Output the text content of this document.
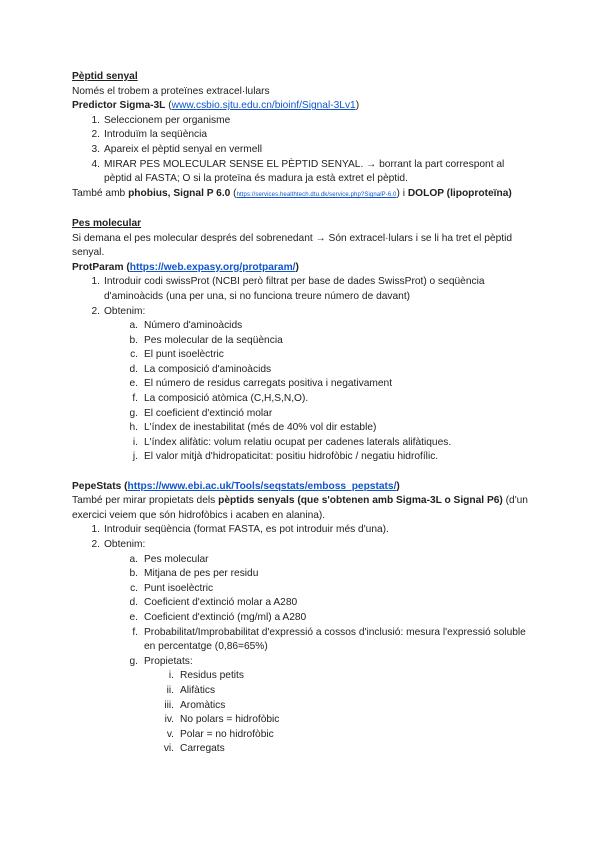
Pèptid senyal

Només el trobem a proteïnes extracel·lulars

Predictor Sigma-3L (www.csbio.sjtu.edu.cn/bioinf/Signal-3Lv1)

1. Seleccionem per organisme
2. Introduïm la seqüència
3. Apareix el pèptid senyal en vermell
4. MIRAR PES MOLECULAR SENSE EL PÈPTID SENYAL. → borrant la part correspont al pèptid al FASTA; O si la proteïna és madura ja està extret el pèptid.

També amb phobius, Signal P 6.0 (https://services.healthtech.dtu.dk/service.php?SignalP-6.0) i DOLOP (lipoproteïna)

Pes molecular

Si demana el pes molecular després del sobrenedant → Són extracel·lulars i se li ha tret el pèptid senyal.

ProtParam (https://web.expasy.org/protparam/)

1. Introduir codi swissProt (NCBI però filtrat per base de dades SwissProt) o seqüència d'aminoàcids (una per una, si no funciona treure número de davant)
2. Obtenim:
a. Número d'aminoàcids
b. Pes molecular de la seqüència
c. El punt isoelèctric
d. La composició d'aminoàcids
e. El número de residus carregats positiva i negativament
f. La composició atòmica (C,H,S,N,O).
g. El coeficient d'extinció molar
h. L'índex de inestabilitat (més de 40% vol dir estable)
i. L'índex alifàtic: volum relatiu ocupat per cadenes laterals alifàtiques.
j. El valor mitjà d'hidropaticitat: positiu hidrofòbic / negatiu hidrofílic.

PepeStats (https://www.ebi.ac.uk/Tools/seqstats/emboss_pepstats/)

També per mirar propietats dels pèptids senyals (que s'obtenen amb Sigma-3L o Signal P6) (d'un exercici veiem que són hidrofòbics i acaben en alanina).

1. Introduir seqüència (format FASTA, es pot introduir més d'una).
2. Obtenim:
a. Pes molecular
b. Mitjana de pes per residu
c. Punt isoelèctric
d. Coeficient d'extinció molar a A280
e. Coeficient d'extinció (mg/ml) a A280
f. Probabilitat/Improbabilitat d'expressió a cossos d'inclusió: mesura l'expressió soluble en percentatge (0,86=65%)
g. Propietats:
i. Residus petits
ii. Alifàtics
iii. Aromàtics
iv. No polars = hidrofòbic
v. Polar = no hidrofòbic
vi. Carregats
